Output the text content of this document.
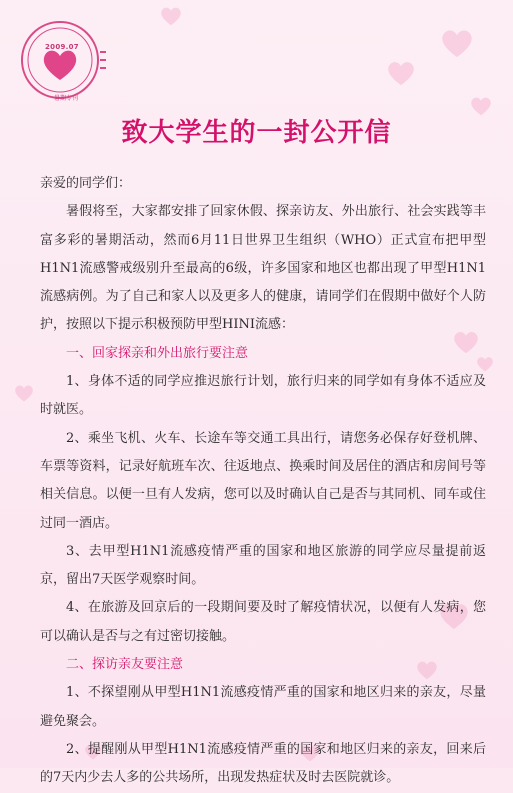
2009.07
暑期专刊
致大学生的一封公开信

亲爱的同学们：

暑假将至，大家都安排了回家休假、探亲访友、外出旅行、社会实践等丰富多彩的暑期活动，然而6月11日世界卫生组织（WHO）正式宣布把甲型H1N1流感警戒级别升至最高的6级，许多国家和地区也都出现了甲型H1N1流感病例。为了自己和家人以及更多人的健康，请同学们在假期中做好个人防护，按照以下提示积极预防甲型HINI流感：

一、回家探亲和外出旅行要注意

1、身体不适的同学应推迟旅行计划，旅行归来的同学如有身体不适应及时就医。

2、乘坐飞机、火车、长途车等交通工具出行，请您务必保存好登机牌、车票等资料，记录好航班车次、往返地点、换乘时间及居住的酒店和房间号等相关信息。以便一旦有人发病，您可以及时确认自己是否与其同机、同车或住过同一酒店。

3、去甲型H1N1流感疫情严重的国家和地区旅游的同学应尽量提前返京，留出7天医学观察时间。

4、在旅游及回京后的一段期间要及时了解疫情状况，以便有人发病，您可以确认是否与之有过密切接触。

二、探访亲友要注意

1、不探望刚从甲型H1N1流感疫情严重的国家和地区归来的亲友，尽量避免聚会。

2、提醒刚从甲型H1N1流感疫情严重的国家和地区归来的亲友，回来后的7天内少去人多的公共场所，出现发热症状及时去医院就诊。
